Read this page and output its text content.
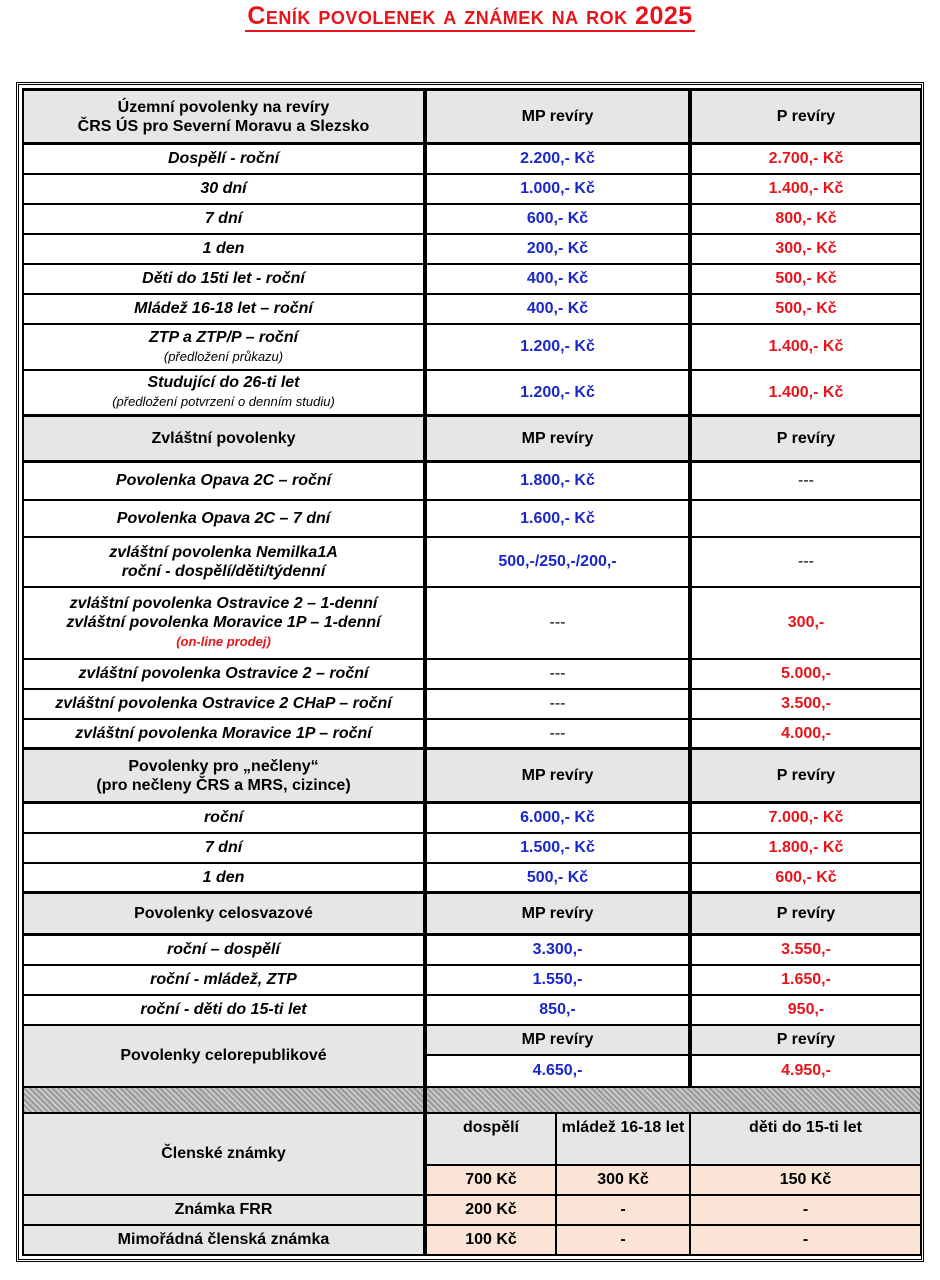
Ceník povolenek a známek na rok 2025
Územní povolenky na revíry
ČRS ÚS pro Severní Moravu a Slezsko	MP revíry		P revíry
Dospělí - roční	2.200,- Kč		2.700,- Kč
30 dní	1.000,- Kč		1.400,- Kč
7 dní	600,- Kč		800,- Kč
1 den	200,- Kč		300,- Kč
Děti do 15ti let - roční	400,- Kč		500,- Kč
Mládež 16-18 let – roční	400,- Kč		500,- Kč
ZTP a ZTP/P – roční
(předložení průkazu)	1.200,- Kč		1.400,- Kč
Studující do 26-ti let
(předložení potvrzení o denním studiu)	1.200,- Kč		1.400,- Kč
Zvláštní povolenky	MP revíry		P revíry
Povolenka Opava 2C – roční	1.800,- Kč		---
Povolenka Opava 2C – 7 dní	1.600,- Kč		
zvláštní povolenka Nemilka1A
roční - dospělí/děti/týdenní	500,-/250,-/200,-		---
zvláštní povolenka Ostravice 2 – 1-denní
zvláštní povolenka Moravice 1P – 1-denní
(on-line prodej)	---		300,-
zvláštní povolenka Ostravice 2 – roční	---		5.000,-
zvláštní povolenka Ostravice 2 CHaP – roční	---		3.500,-
zvláštní povolenka Moravice 1P – roční	---		4.000,-
Povolenky pro „nečleny“
(pro nečleny ČRS a MRS, cizince)	MP revíry		P revíry
roční	6.000,- Kč		7.000,- Kč
7 dní	1.500,- Kč		1.800,- Kč
1 den	500,- Kč		600,- Kč
Povolenky celosvazové	MP revíry		P revíry
roční – dospělí	3.300,-		3.550,-
roční - mládež, ZTP	1.550,-		1.650,-
roční - děti do 15-ti let	850,-		950,-
Povolenky celorepublikové	MP revíry		P revíry
	4.650,-		4.950,-

Členské známky	dospělí	mládež 16-18 let	děti do 15-ti let
	700 Kč	300 Kč	150 Kč
Známka FRR	200 Kč	-	-
Mimořádná členská známka	100 Kč	-	-
